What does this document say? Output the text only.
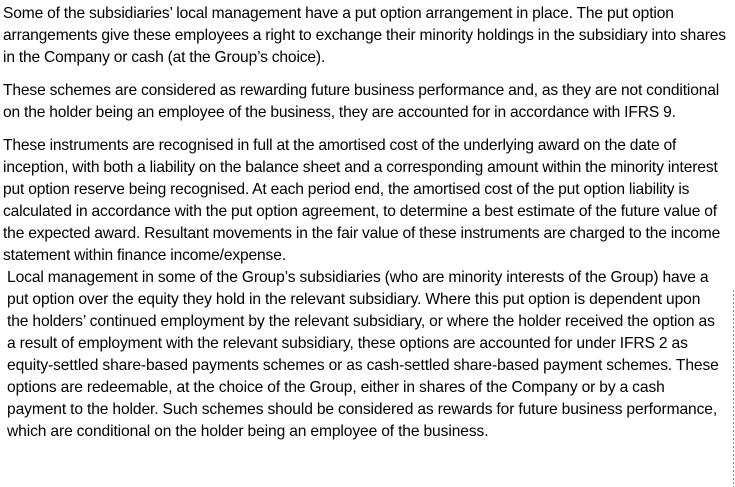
Some of the subsidiaries’ local management have a put option arrangement in place. The put option arrangements give these employees a right to exchange their minority holdings in the subsidiary into shares in the Company or cash (at the Group’s choice).

These schemes are considered as rewarding future business performance and, as they are not conditional on the holder being an employee of the business, they are accounted for in accordance with IFRS 9.

These instruments are recognised in full at the amortised cost of the underlying award on the date of inception, with both a liability on the balance sheet and a corresponding amount within the minority interest put option reserve being recognised. At each period end, the amortised cost of the put option liability is calculated in accordance with the put option agreement, to determine a best estimate of the future value of the expected award. Resultant movements in the fair value of these instruments are charged to the income statement within finance income/expense.

Local management in some of the Group’s subsidiaries (who are minority interests of the Group) have a put option over the equity they hold in the relevant subsidiary. Where this put option is dependent upon the holders’ continued employment by the relevant subsidiary, or where the holder received the option as a result of employment with the relevant subsidiary, these options are accounted for under IFRS 2 as equity-settled share-based payments schemes or as cash-settled share-based payment schemes. These options are redeemable, at the choice of the Group, either in shares of the Company or by a cash payment to the holder. Such schemes should be considered as rewards for future business performance, which are conditional on the holder being an employee of the business.
